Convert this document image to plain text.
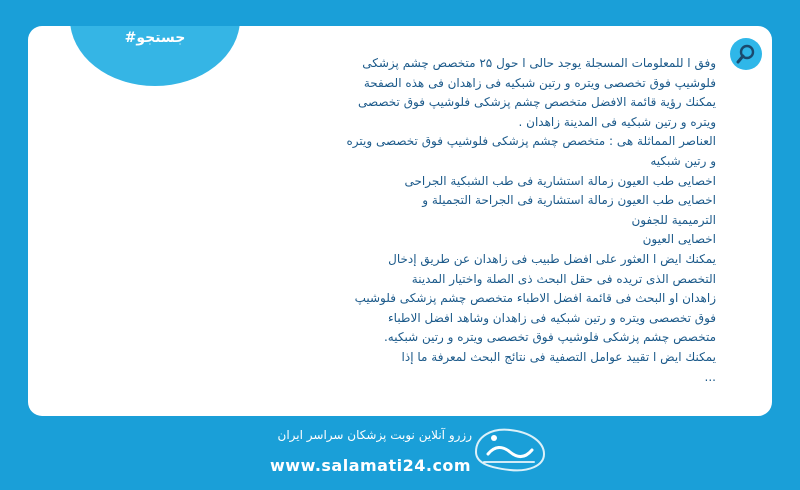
#جستجو
وفق ا للمعلومات المسجلة يوجد حالی ا حول ۲۵ متخصص چشم پزشکی
فلوشيپ فوق تخصصی ويتره و رتين شبكيه فی زاهدان فی هذه الصفحة
يمكنك رؤية قائمة الافضل متخصص چشم پزشكی فلوشيپ فوق تخصصی
ويتره و رتين شبكيه فی المدينة زاهدان .
العناصر المماثلة هی : متخصص چشم پزشكی فلوشيپ فوق تخصصی ويتره
و رتين شبكيه
اخصايی طب العيون زمالة استشارية فی طب الشبكية الجراحی
اخصايی طب العيون زمالة استشارية فی الجراحة التجميلة و
الترميمية للجفون
اخصايی العيون
يمكنك ايض ا العثور علی افضل طبيب فی زاهدان عن طريق إدخال
التخصص الذی تريده فی حقل البحث ذی الصلة واختيار المدينة
زاهدان او البحث فی قائمة افضل الاطباء متخصص چشم پزشكی فلوشيپ
فوق تخصصی ويتره و رتين شبكيه فی زاهدان وشاهد افضل الاطباء
متخصص چشم پزشكی فلوشيپ فوق تخصصی ويتره و رتين شبكيه.
يمكنك ايض ا تقييد عوامل التصفية فی نتائج البحث لمعرفة ما إذا
...
رزرو آنلاین نوبت پزشکان سراسر ایران
www.salamati24.com
